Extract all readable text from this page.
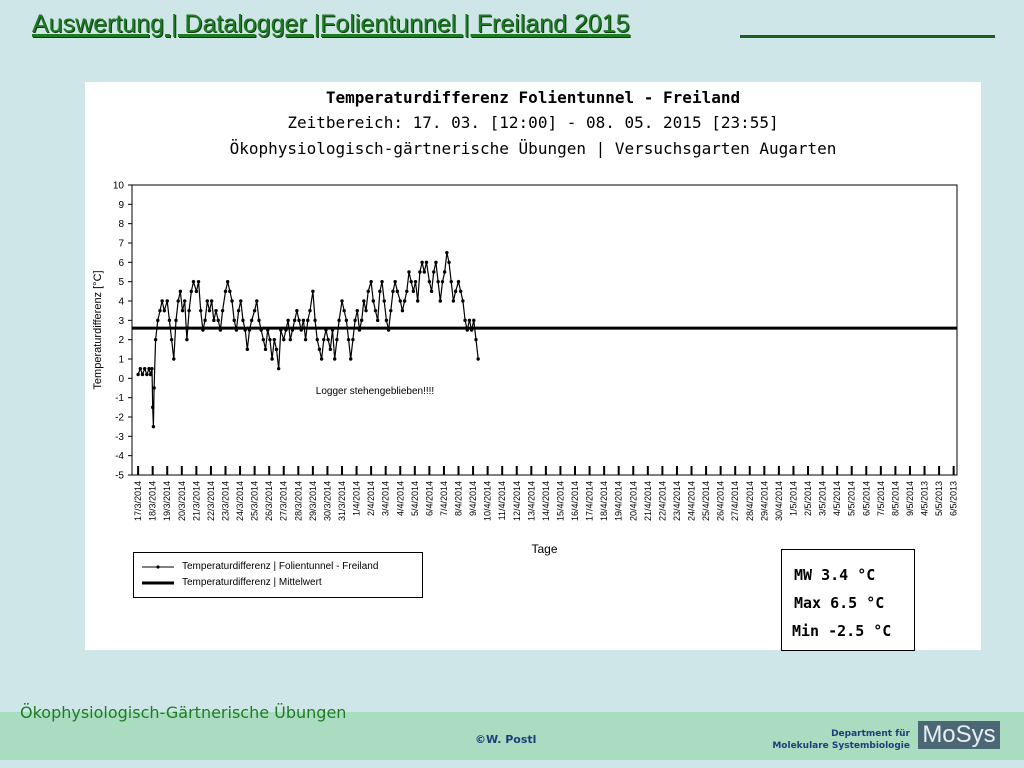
Auswertung | Datalogger |Folientunnel | Freiland 2015
Temperaturdifferenz Folientunnel - Freiland
Zeitbereich: 17. 03. [12:00] - 08. 05. 2015 [23:55]
Ökophysiologisch-gärtnerische Übungen | Versuchsgarten Augarten
10
9
8
7
6
5
4
3
2
1
0
-1
-2
-3
-4
-5
Temperaturdifferenz [°C]
17/3/2014 18/3/2014 19/3/2014 20/3/2014 21/3/2014 22/3/2014 23/3/2014 24/3/2014 25/3/2014 26/3/2014 27/3/2014 28/3/2014 29/3/2014 30/3/2014 31/3/2014 1/4/2014 2/4/2014 3/4/2014 4/4/2014 5/4/2014 6/4/2014 7/4/2014 8/4/2014 9/4/2014 10/4/2014 11/4/2014 12/4/2014 13/4/2014 14/4/2014 15/4/2014 16/4/2014 17/4/2014 18/4/2014 19/4/2014 20/4/2014 21/4/2014 22/4/2014 23/4/2014 24/4/2014 25/4/2014 26/4/2014 27/4/2014 28/4/2014 29/4/2014 30/4/2014 1/5/2014 2/5/2014 3/5/2014 4/5/2014 5/5/2014 6/5/2014 7/5/2014 8/5/2014 9/5/2014 4/5/2013 5/5/2013 6/5/2013
Tage
Logger stehengeblieben!!!!
Temperaturdifferenz | Folientunnel - Freiland
Temperaturdifferenz | Mittelwert	MW 3.4 °C
Max 6.5 °C
Min -2.5 °C
Ökophysiologisch-Gärtnerische Übungen
©W. Postl	Department für
Molekulare Systembiologie MoSys
